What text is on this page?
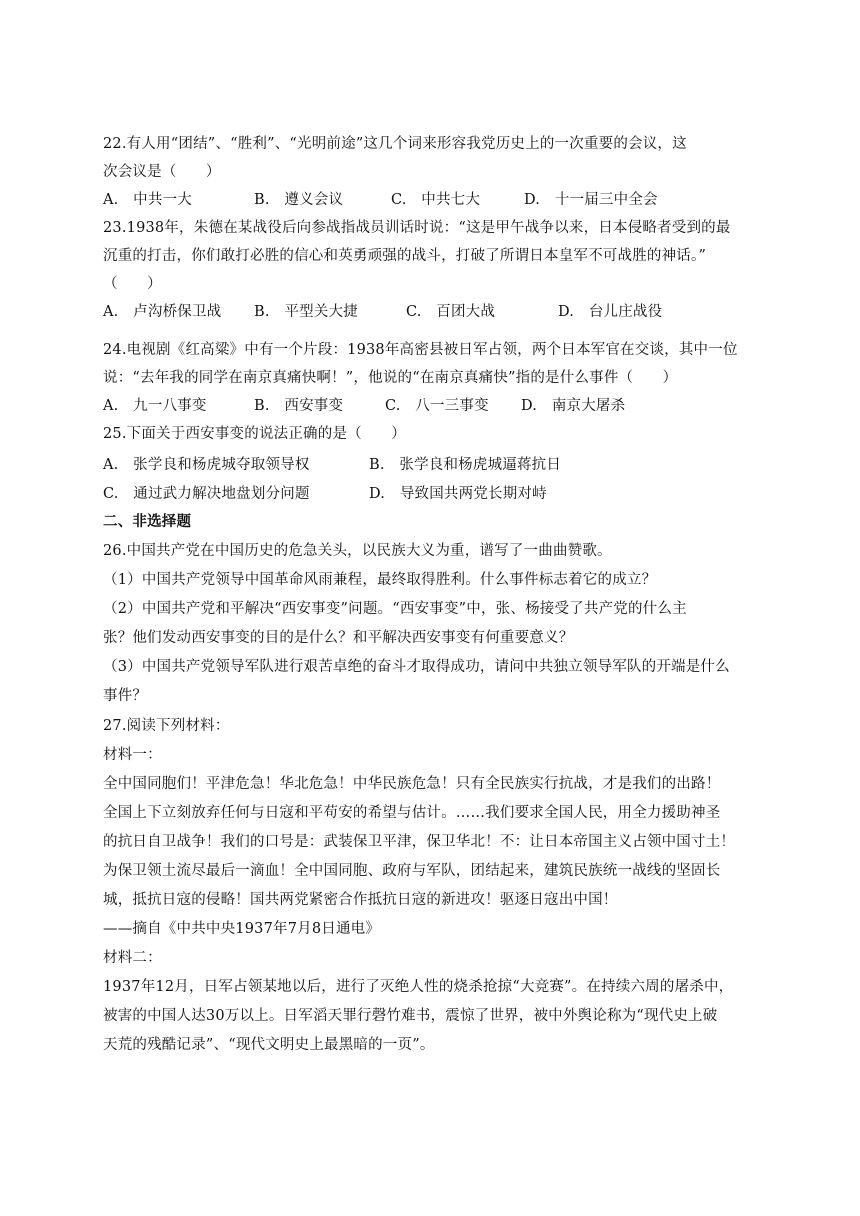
22.有人用“团结”、“胜利”、“光明前途”这几个词来形容我党历史上的一次重要的会议，这
次会议是（　　）
A.　中共一大	B.　遵义会议	C.　中共七大	D.　十一届三中全会
23.1938年，朱德在某战役后向参战指战员训话时说：“这是甲午战争以来，日本侵略者受到的最
沉重的打击，你们敢打必胜的信心和英勇顽强的战斗，打破了所谓日本皇军不可战胜的神话。”
（　　）
A.　卢沟桥保卫战 B.　平型关大捷	C.　百团大战	D.　台儿庄战役
24.电视剧《红高粱》中有一个片段：1938年高密县被日军占领，两个日本军官在交谈，其中一位
说：“去年我的同学在南京真痛快啊！”，他说的“在南京真痛快”指的是什么事件（　　）
A.　九一八事变	B.　西安事变	C.　八一三事变 D.　南京大屠杀
25.下面关于西安事变的说法正确的是（　　）
A.　张学良和杨虎城夺取领导权	B.　张学良和杨虎城逼蒋抗日
C.　通过武力解决地盘划分问题	D.　导致国共两党长期对峙
二、非选择题
26.中国共产党在中国历史的危急关头，以民族大义为重，谱写了一曲曲赞歌。
（1）中国共产党领导中国革命风雨兼程，最终取得胜利。什么事件标志着它的成立？
（2）中国共产党和平解决“西安事变”问题。“西安事变”中，张、杨接受了共产党的什么主
张？他们发动西安事变的目的是什么？和平解决西安事变有何重要意义？
（3）中国共产党领导军队进行艰苦卓绝的奋斗才取得成功，请问中共独立领导军队的开端是什么
事件？
27.阅读下列材料：
材料一：
全中国同胞们！平津危急！华北危急！中华民族危急！只有全民族实行抗战，才是我们的出路！
全国上下立刻放弃任何与日寇和平苟安的希望与估计。……我们要求全国人民，用全力援助神圣
的抗日自卫战争！我们的口号是：武装保卫平津，保卫华北！不：让日本帝国主义占领中国寸土！
为保卫领土流尽最后一滴血！全中国同胞、政府与军队，团结起来，建筑民族统一战线的坚固长
城，抵抗日寇的侵略！国共两党紧密合作抵抗日寇的新进攻！驱逐日寇出中国！
——摘自《中共中央1937年7月8日通电》
材料二：
1937年12月，日军占领某地以后，进行了灭绝人性的烧杀抢掠“大竞赛”。在持续六周的屠杀中，
被害的中国人达30万以上。日军滔天罪行磬竹难书，震惊了世界，被中外舆论称为“现代史上破
天荒的残酷记录”、“现代文明史上最黑暗的一页”。
